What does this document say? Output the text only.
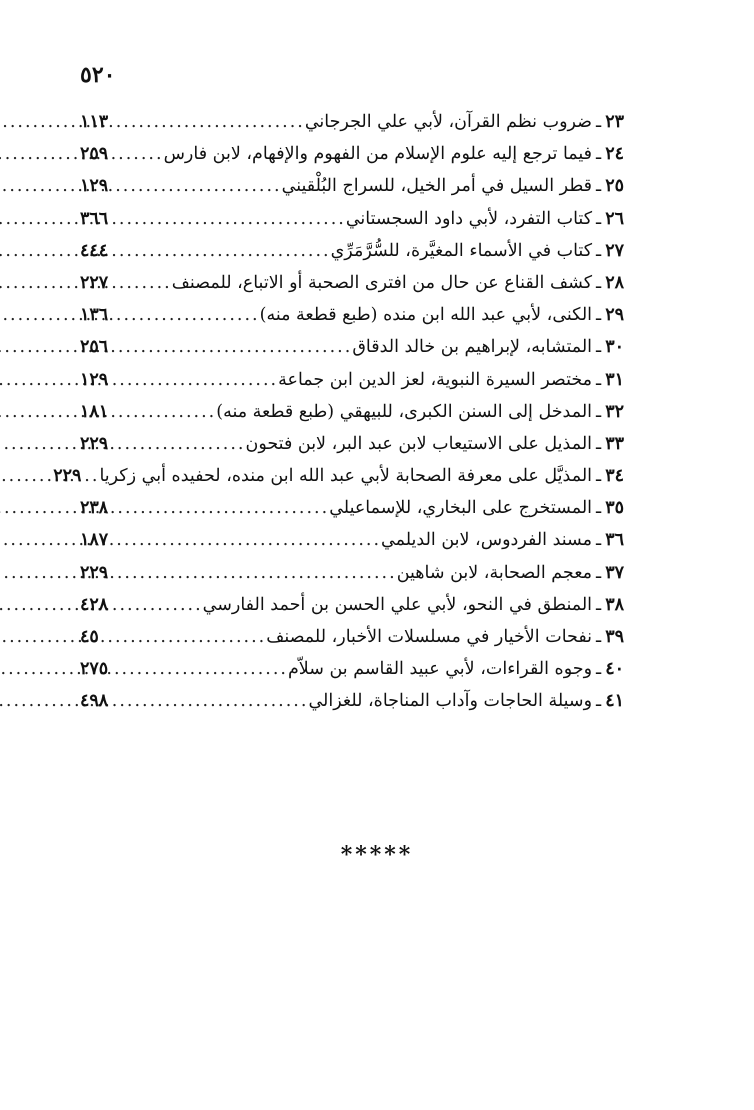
٥٢٠
٢٣
ـ
ضروب نظم القرآن، لأبي علي الجرجاني
.....
١١٣
٢٤
ـ
فيما ترجع إليه علوم الإسلام من الفهوم والإفهام، لابن فارس
.....
٢٥٩
٢٥
ـ
قطر السيل في أمر الخيل، للسراج البُلْقيني
.....
١٢٩
٢٦
ـ
كتاب التفرد، لأبي داود السجستاني
.....
٣٦٦
٢٧
ـ
كتاب في الأسماء المغيَّرة، للسُّرَّمَرِّي
.....
٤٤٤
٢٨
ـ
كشف القناع عن حال من افترى الصحبة أو الاتباع، للمصنف
.....
٢٢٧
٢٩
ـ
الكنى، لأبي عبد الله ابن منده (طبع قطعة منه)
.....
١٣٦
٣٠
ـ
المتشابه، لإبراهيم بن خالد الدقاق
.....
٢٥٦
٣١
ـ
مختصر السيرة النبوية، لعز الدين ابن جماعة
.....
١٢٩
٣٢
ـ
المدخل إلى السنن الكبرى، للبيهقي (طبع قطعة منه)
.....
١٨١
٣٣
ـ
المذيل على الاستيعاب لابن عبد البر، لابن فتحون
.....
٢٢٩
٣٤
ـ
المذيَّل على معرفة الصحابة لأبي عبد الله ابن منده، لحفيده أبي زكريا
.....
٢٢٩
٣٥
ـ
المستخرج على البخاري، للإسماعيلي
.....
٢٣٨
٣٦
ـ
مسند الفردوس، لابن الديلمي
.....
١٨٧
٣٧
ـ
معجم الصحابة، لابن شاهين
.....
٢٢٩
٣٨
ـ
المنطق في النحو، لأبي علي الحسن بن أحمد الفارسي
.....
٤٢٨
٣٩
ـ
نفحات الأخيار في مسلسلات الأخبار، للمصنف
.....
٤٥
٤٠
ـ
وجوه القراءات، لأبي عبيد القاسم بن سلاّم
.....
٢٧٥
٤١
ـ
وسيلة الحاجات وآداب المناجاة، للغزالي
.....
٤٩٨
*****
